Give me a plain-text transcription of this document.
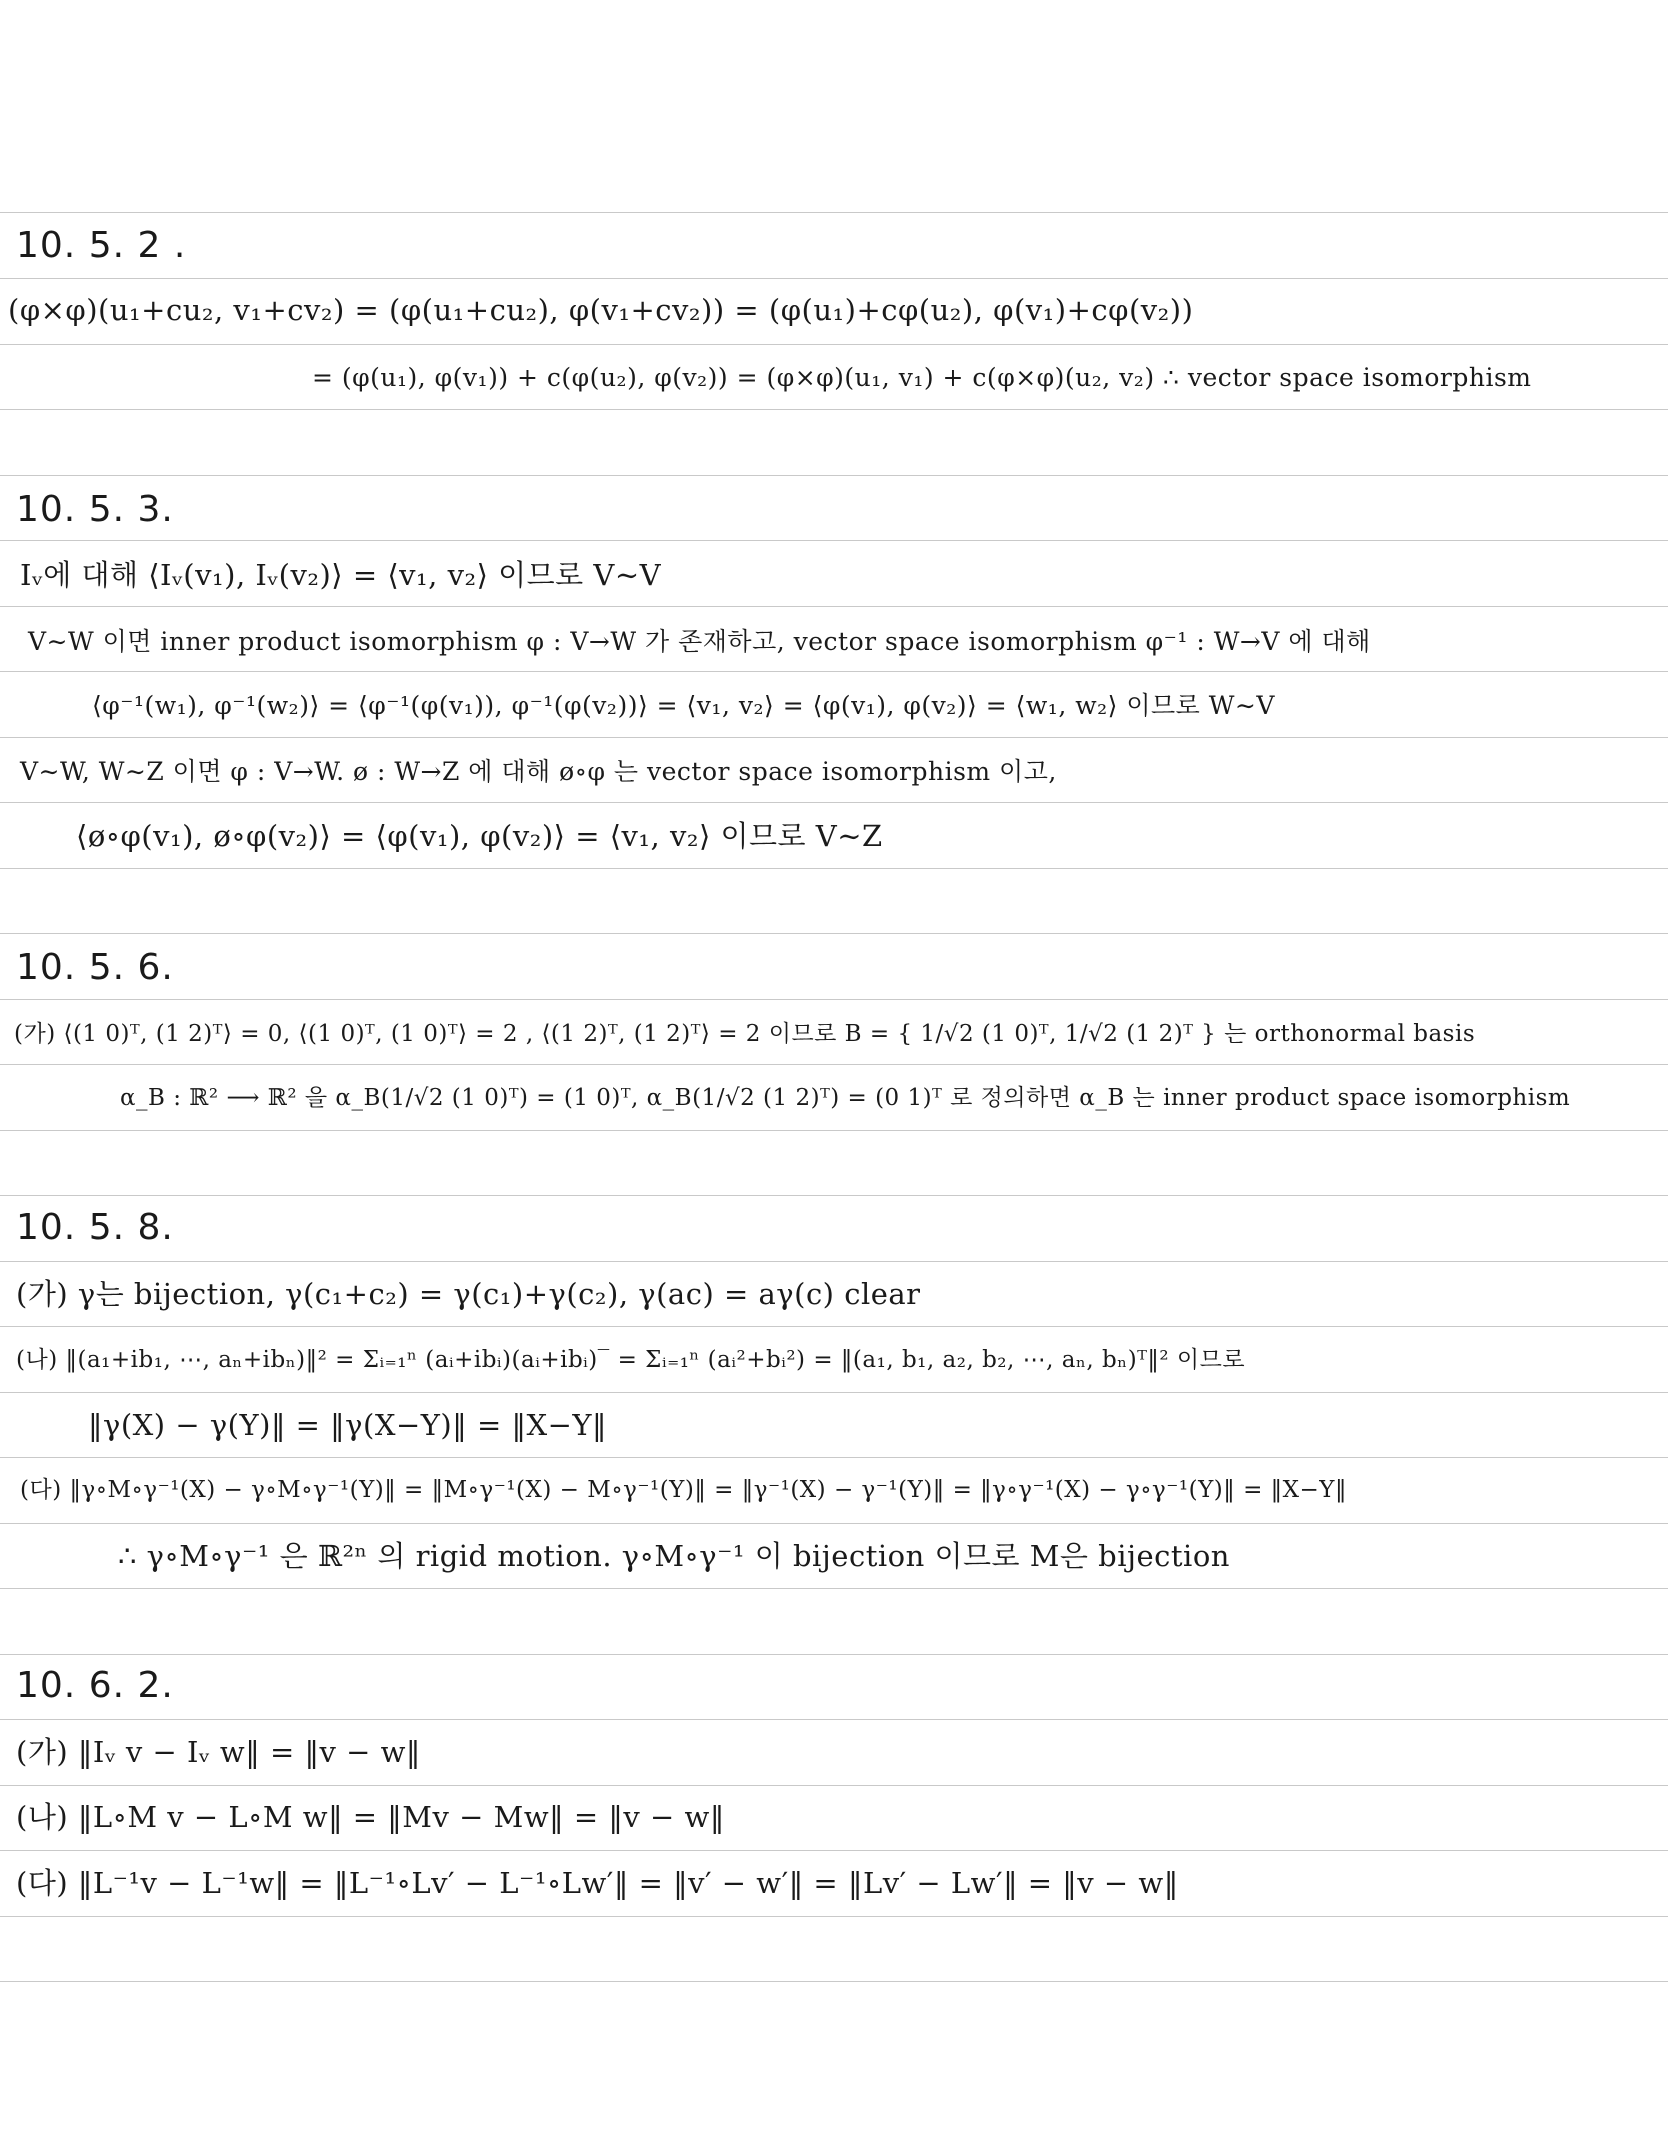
10. 5. 2 .
(φ×φ)(u₁+cu₂, v₁+cv₂) = (φ(u₁+cu₂), φ(v₁+cv₂)) = (φ(u₁)+cφ(u₂), φ(v₁)+cφ(v₂))
= (φ(u₁), φ(v₁)) + c(φ(u₂), φ(v₂)) = (φ×φ)(u₁, v₁) + c(φ×φ)(u₂, v₂) ∴ vector space isomorphism
10. 5. 3.
Iᵥ에 대해 ⟨Iᵥ(v₁), Iᵥ(v₂)⟩ = ⟨v₁, v₂⟩ 이므로 V∼V
V∼W 이면 inner product isomorphism φ : V→W 가 존재하고, vector space isomorphism φ⁻¹ : W→V 에 대해
⟨φ⁻¹(w₁), φ⁻¹(w₂)⟩ = ⟨φ⁻¹(φ(v₁)), φ⁻¹(φ(v₂))⟩ = ⟨v₁, v₂⟩ = ⟨φ(v₁), φ(v₂)⟩ = ⟨w₁, w₂⟩ 이므로 W∼V
V∼W, W∼Z 이면 φ : V→W. ø : W→Z 에 대해 ø∘φ 는 vector space isomorphism 이고,
⟨ø∘φ(v₁), ø∘φ(v₂)⟩ = ⟨φ(v₁), φ(v₂)⟩ = ⟨v₁, v₂⟩ 이므로 V∼Z
10. 5. 6.
(가) ⟨(1 0)ᵀ, (1 2)ᵀ⟩ = 0, ⟨(1 0)ᵀ, (1 0)ᵀ⟩ = 2 , ⟨(1 2)ᵀ, (1 2)ᵀ⟩ = 2 이므로 B = { 1/√2 (1 0)ᵀ, 1/√2 (1 2)ᵀ } 는 orthonormal basis
α_B : ℝ² ⟶ ℝ² 을 α_B(1/√2 (1 0)ᵀ) = (1 0)ᵀ, α_B(1/√2 (1 2)ᵀ) = (0 1)ᵀ 로 정의하면 α_B 는 inner product space isomorphism
10. 5. 8.
(가) γ는 bijection, γ(c₁+c₂) = γ(c₁)+γ(c₂), γ(ac) = aγ(c) clear
(나) ‖(a₁+ib₁, ⋯, aₙ+ibₙ)‖² = Σᵢ₌₁ⁿ (aᵢ+ibᵢ)(aᵢ+ibᵢ)‾ = Σᵢ₌₁ⁿ (aᵢ²+bᵢ²) = ‖(a₁, b₁, a₂, b₂, ⋯, aₙ, bₙ)ᵀ‖² 이므로
‖γ(X) − γ(Y)‖ = ‖γ(X−Y)‖ = ‖X−Y‖
(다) ‖γ∘M∘γ⁻¹(X) − γ∘M∘γ⁻¹(Y)‖ = ‖M∘γ⁻¹(X) − M∘γ⁻¹(Y)‖ = ‖γ⁻¹(X) − γ⁻¹(Y)‖ = ‖γ∘γ⁻¹(X) − γ∘γ⁻¹(Y)‖ = ‖X−Y‖
∴ γ∘M∘γ⁻¹ 은 ℝ²ⁿ 의 rigid motion. γ∘M∘γ⁻¹ 이 bijection 이므로 M은 bijection
10. 6. 2.
(가) ‖Iᵥ v − Iᵥ w‖ = ‖v − w‖
(나) ‖L∘M v − L∘M w‖ = ‖Mv − Mw‖ = ‖v − w‖
(다) ‖L⁻¹v − L⁻¹w‖ = ‖L⁻¹∘Lv′ − L⁻¹∘Lw′‖ = ‖v′ − w′‖ = ‖Lv′ − Lw′‖ = ‖v − w‖
